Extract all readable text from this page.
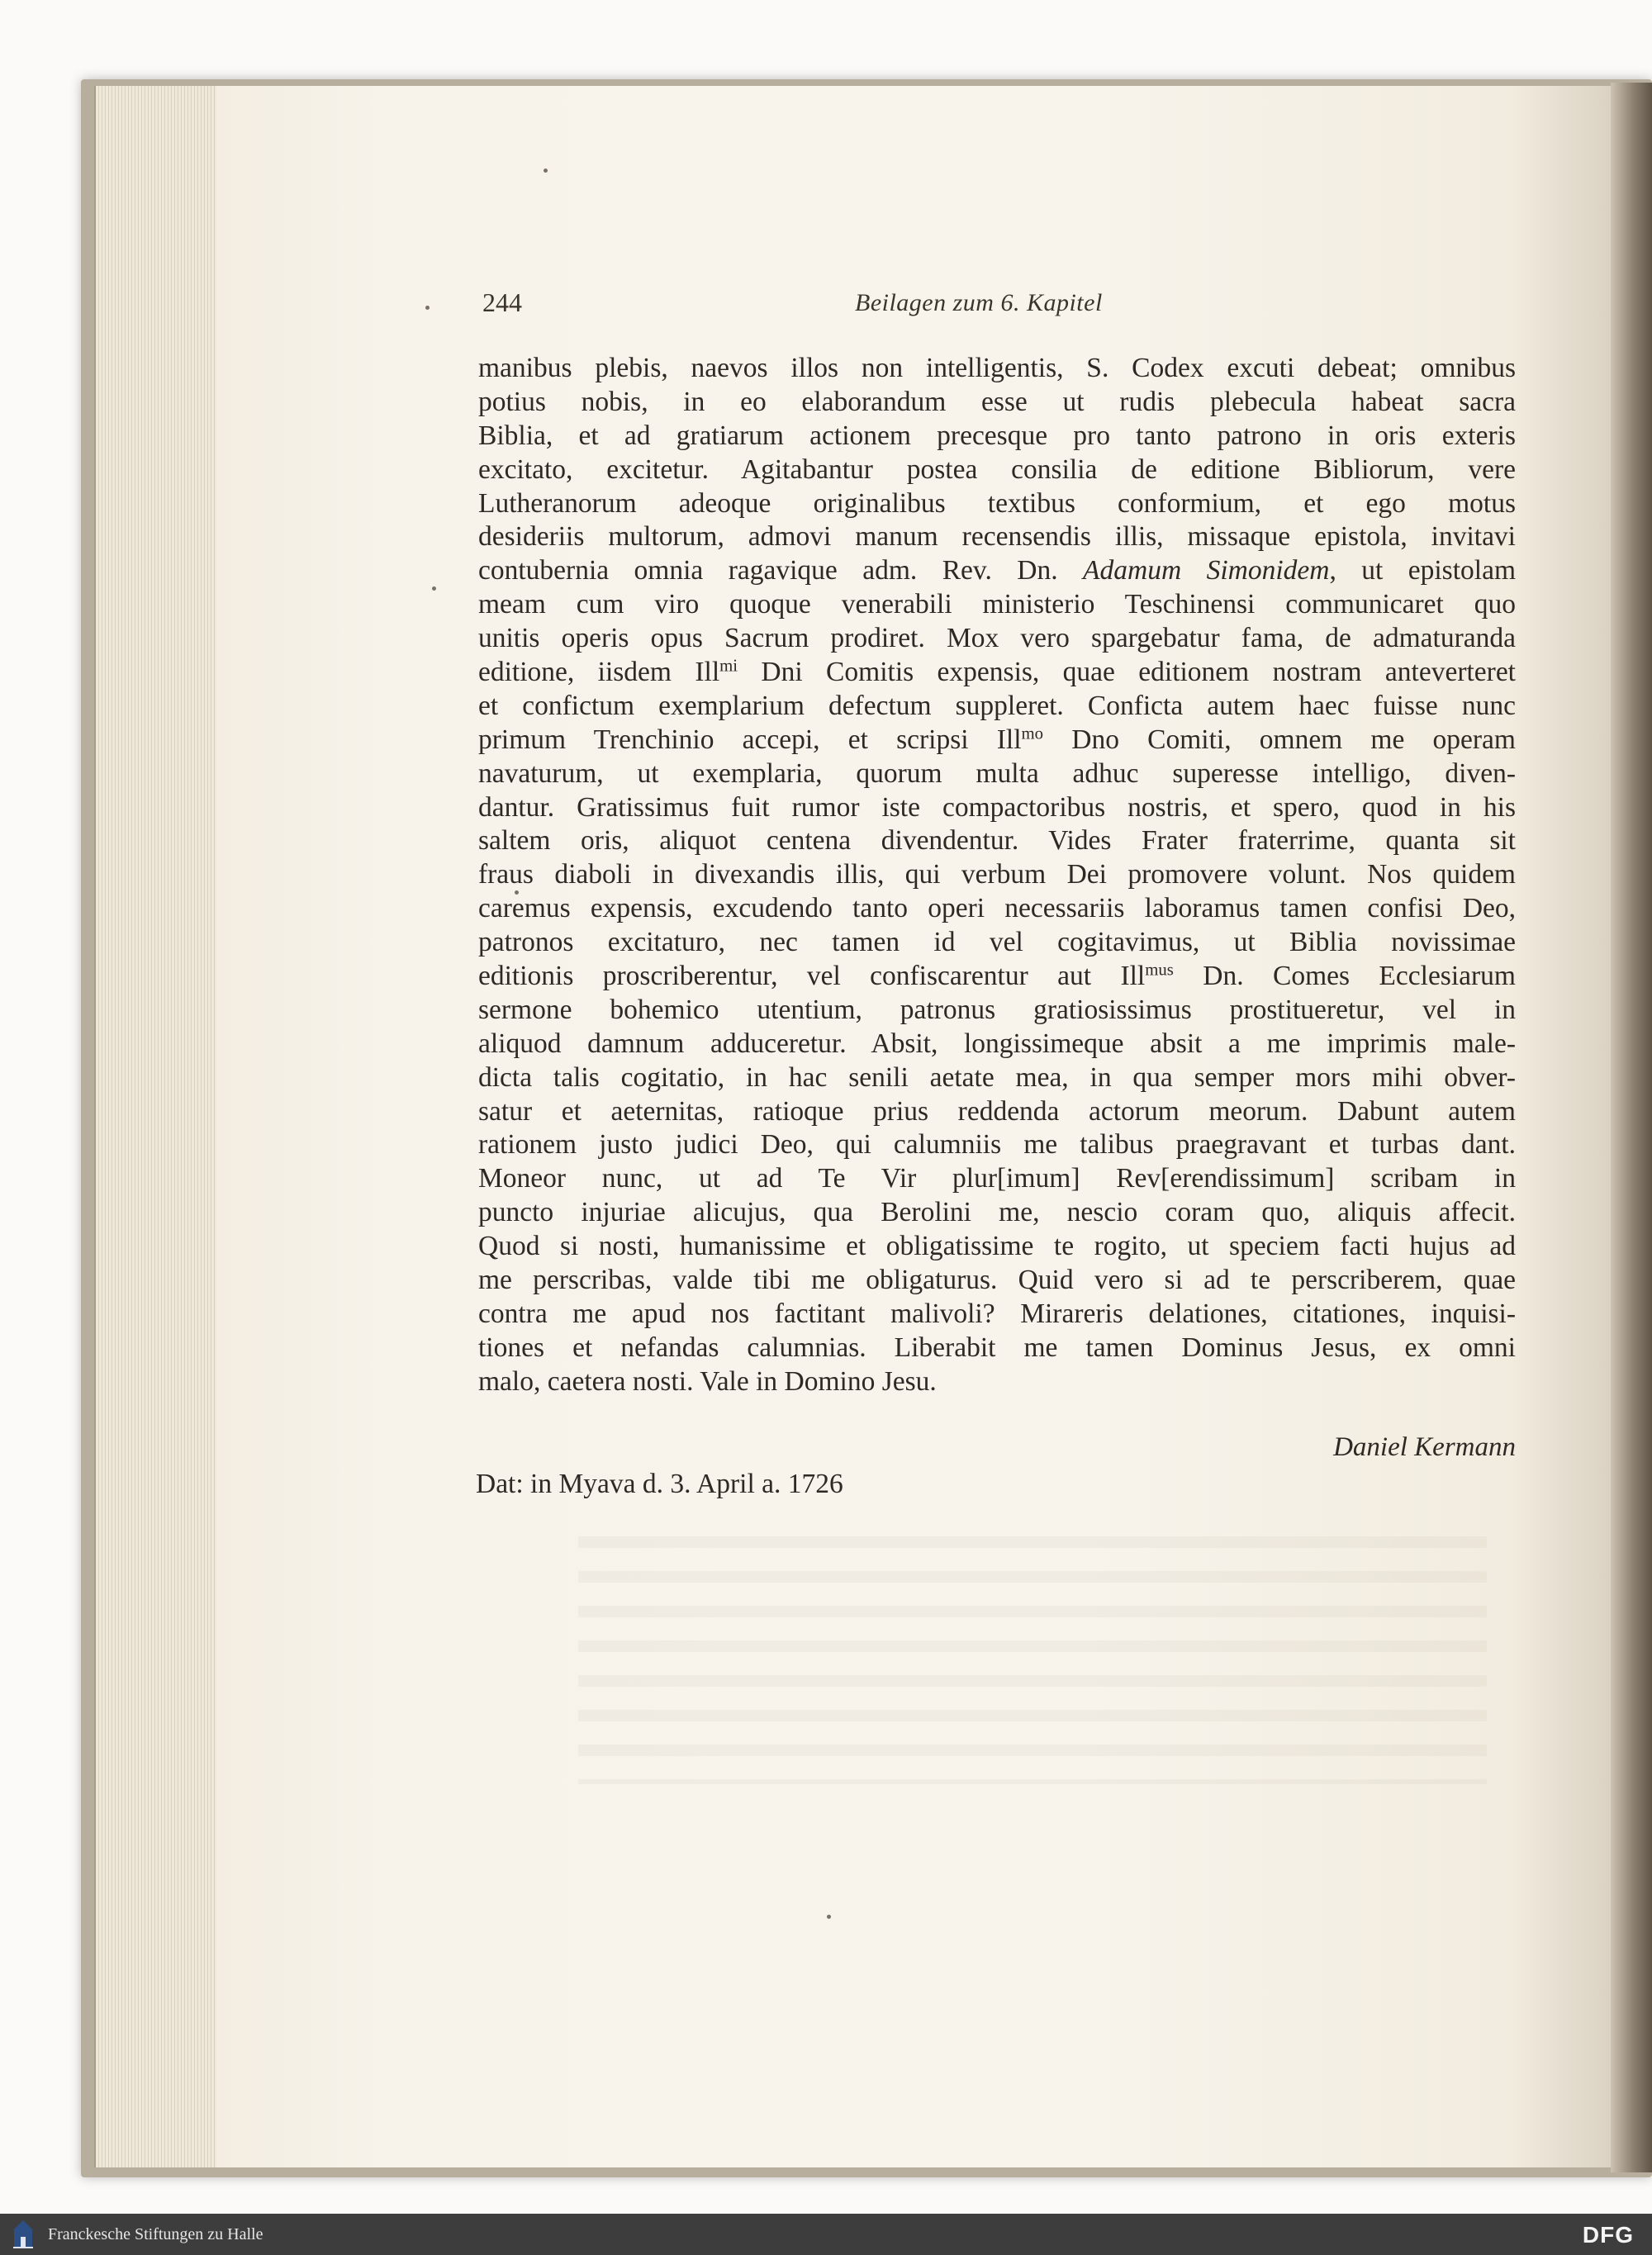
244	Beilagen zum 6. Kapitel
manibus plebis, naevos illos non intelligentis, S. Codex excuti debeat; omnibus
potius nobis, in eo elaborandum esse ut rudis plebecula habeat sacra
Biblia, et ad gratiarum actionem precesque pro tanto patrono in oris exteris
excitato, excitetur. Agitabantur postea consilia de editione Bibliorum, vere
Lutheranorum adeoque originalibus textibus conformium, et ego motus
desideriis multorum, admovi manum recensendis illis, missaque epistola, invitavi
contubernia omnia ragavique adm. Rev. Dn. Adamum Simonidem, ut epistolam
meam cum viro quoque venerabili ministerio Teschinensi communicaret quo
unitis operis opus Sacrum prodiret. Mox vero spargebatur fama, de admaturanda
editione, iisdem Ill$^{mi}$ Dni Comitis expensis, quae editionem nostram anteverteret
et confictum exemplarium defectum suppleret. Conficta autem haec fuisse nunc
primum Trenchinio accepi, et scripsi Ill$^{mo}$ Dno Comiti, omnem me operam
navaturum, ut exemplaria, quorum multa adhuc superesse intelligo, diven-
dantur. Gratissimus fuit rumor iste compactoribus nostris, et spero, quod in his
saltem oris, aliquot centena divendentur. Vides Frater fraterrime, quanta sit
fraus diaboli in divexandis illis, qui verbum Dei promovere volunt. Nos quidem
caremus expensis, excudendo tanto operi necessariis laboramus tamen confisi Deo,
patronos excitaturo, nec tamen id vel cogitavimus, ut Biblia novissimae
editionis proscriberentur, vel confiscarentur aut Ill$^{mus}$ Dn. Comes Ecclesiarum
sermone bohemico utentium, patronus gratiosissimus prostitueretur, vel in
aliquod damnum adduceretur. Absit, longissimeque absit a me imprimis male-
dicta talis cogitatio, in hac senili aetate mea, in qua semper mors mihi obver-
satur et aeternitas, ratioque prius reddenda actorum meorum. Dabunt autem
rationem justo judici Deo, qui calumniis me talibus praegravant et turbas dant.
Moneor nunc, ut ad Te Vir plur[imum] Rev[erendissimum] scribam in
puncto injuriae alicujus, qua Berolini me, nescio coram quo, aliquis affecit.
Quod si nosti, humanissime et obligatissime te rogito, ut speciem facti hujus ad
me perscribas, valde tibi me obligaturus. Quid vero si ad te perscriberem, quae
contra me apud nos factitant malivoli? Mirareris delationes, citationes, inquisi-
tiones et nefandas calumnias. Liberabit me tamen Dominus Jesus, ex omni
malo, caetera nosti. Vale in Domino Jesu.
Daniel Kermann
Dat: in Myava d. 3. April a. 1726
Franckesche Stiftungen zu Halle	DFG
